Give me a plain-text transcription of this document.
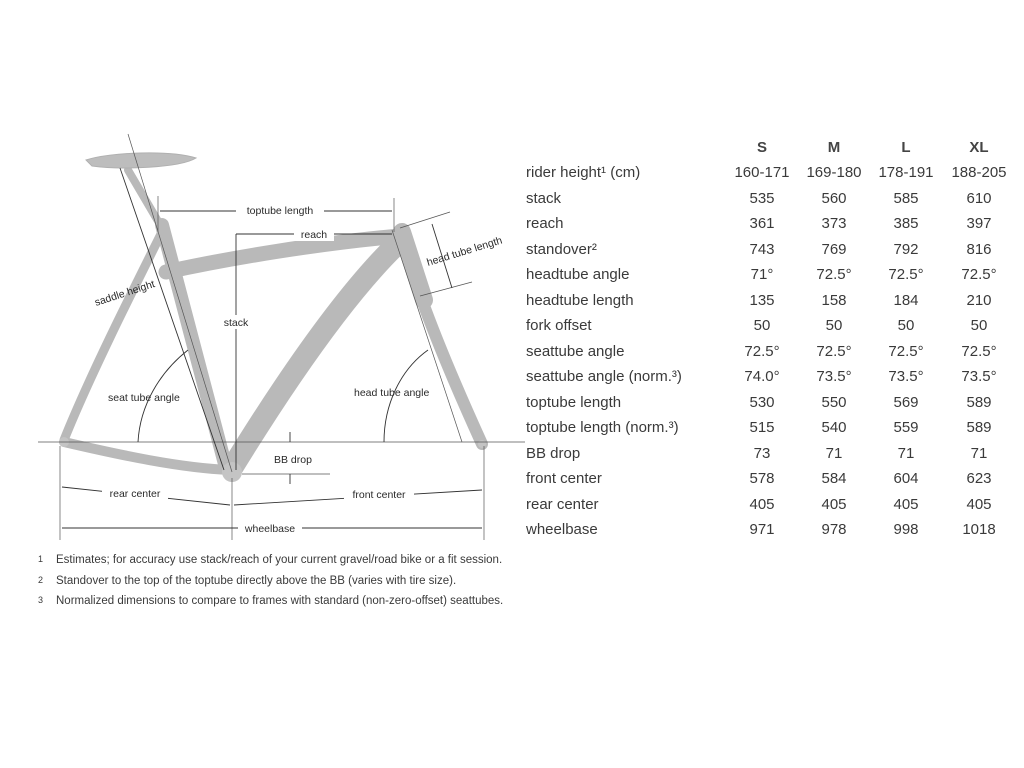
toptube length
reach	head tube length
saddle height
stack
seat tube angle	head tube angle
BB drop
rear center	front center
wheelbase
	S	M	L	XL
rider height¹ (cm)	160-171	169-180	178-191	188-205
stack	535	560	585	610
reach	361	373	385	397
standover²	743	769	792	816
headtube angle	71°	72.5°	72.5°	72.5°
headtube length	135	158	184	210
fork offset	50	50	50	50
seattube angle	72.5°	72.5°	72.5°	72.5°
seattube angle (norm.³)	74.0°	73.5°	73.5°	73.5°
toptube length	530	550	569	589
toptube length (norm.³)	515	540	559	589
BB drop	73	71	71	71
front center	578	584	604	623
rear center	405	405	405	405
wheelbase	971	978	998	1018
1	Estimates; for accuracy use stack/reach of your current gravel/road bike or a fit session.
2	Standover to the top of the toptube directly above the BB (varies with tire size).
3	Normalized dimensions to compare to frames with standard (non-zero-offset) seattubes.
